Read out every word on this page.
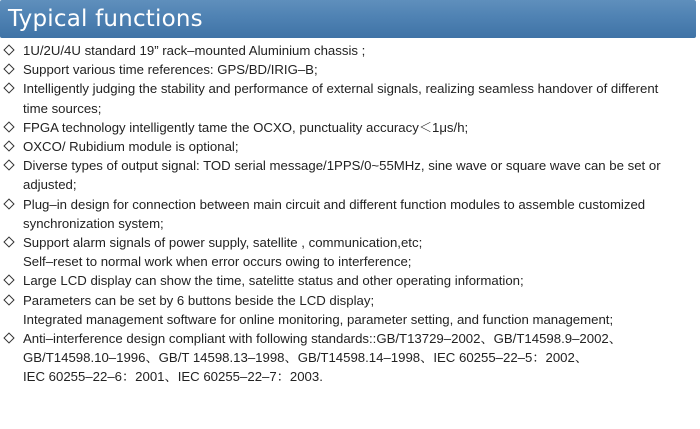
Typical functions
1U/2U/4U standard 19” rack–mounted Aluminium chassis ;
Support various time references: GPS/BD/IRIG–B;
Intelligently judging the stability and performance of external signals, realizing seamless handover of different
time sources;
FPGA technology intelligently tame the OCXO, punctuality accuracy＜1μs/h;
OXCO/ Rubidium module is optional;
Diverse types of output signal: TOD serial message/1PPS/0~55MHz, sine wave or square wave can be set or
adjusted;
Plug–in design for connection between main circuit and different function modules to assemble customized
synchronization system;
Support alarm signals of power supply, satellite , communication,etc;
Self–reset to normal work when error occurs owing to interference;
Large LCD display can show the time, satelitte status and other operating information;
Parameters can be set by 6 buttons beside the LCD display;
Integrated management software for online monitoring, parameter setting, and function management;
Anti–interference design compliant with following standards::GB/T13729–2002、GB/T14598.9–2002、
GB/T14598.10–1996、GB/T 14598.13–1998、GB/T14598.14–1998、IEC 60255–22–5：2002、
IEC 60255–22–6：2001、IEC 60255–22–7：2003.
